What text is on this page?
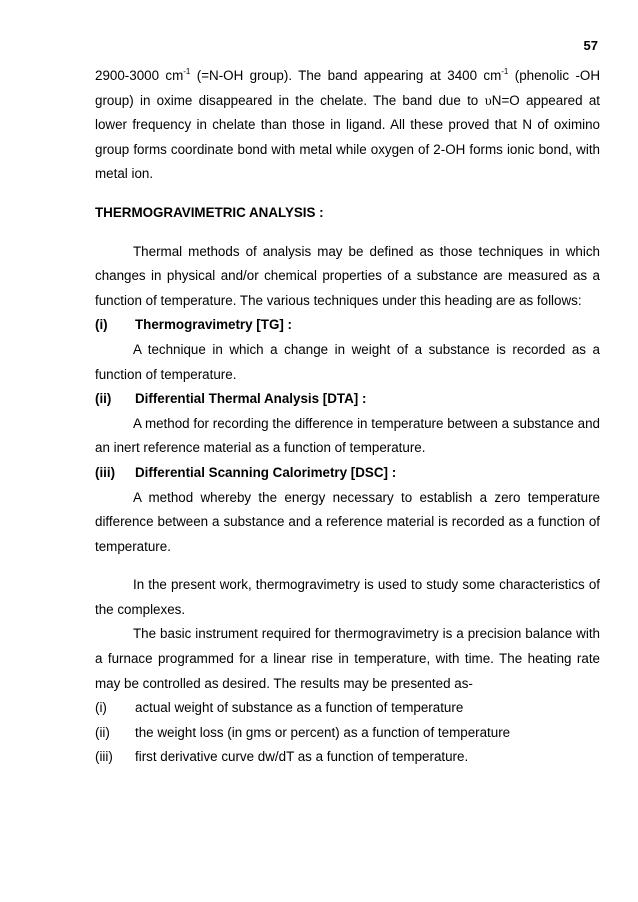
57

2900-3000 $cm^{-1}$ (=N-OH group). The band appearing at 3400 $cm^{-1}$ (phenolic -OH group) in oxime disappeared in the chelate. The band due to υN=O appeared at lower frequency in chelate than those in ligand. All these proved that N of oximino group forms coordinate bond with metal while oxygen of 2-OH forms ionic bond, with metal ion.

THERMOGRAVIMETRIC ANALYSIS :

Thermal methods of analysis may be defined as those techniques in which changes in physical and/or chemical properties of a substance are measured as a function of temperature. The various techniques under this heading are as follows:

(i)	Thermogravimetry [TG] :

A technique in which a change in weight of a substance is recorded as a function of temperature.

(ii)	Differential Thermal Analysis [DTA] :

A method for recording the difference in temperature between a substance and an inert reference material as a function of temperature.

(iii)	Differential Scanning Calorimetry [DSC] :

A method whereby the energy necessary to establish a zero temperature difference between a substance and a reference material is recorded as a function of temperature.

In the present work, thermogravimetry is used to study some characteristics of the complexes.

The basic instrument required for thermogravimetry is a precision balance with a furnace programmed for a linear rise in temperature, with time. The heating rate may be controlled as desired. The results may be presented as-

(i)	actual weight of substance as a function of temperature
(ii)	the weight loss (in gms or percent) as a function of temperature
(iii)	first derivative curve dw/dT as a function of temperature.
